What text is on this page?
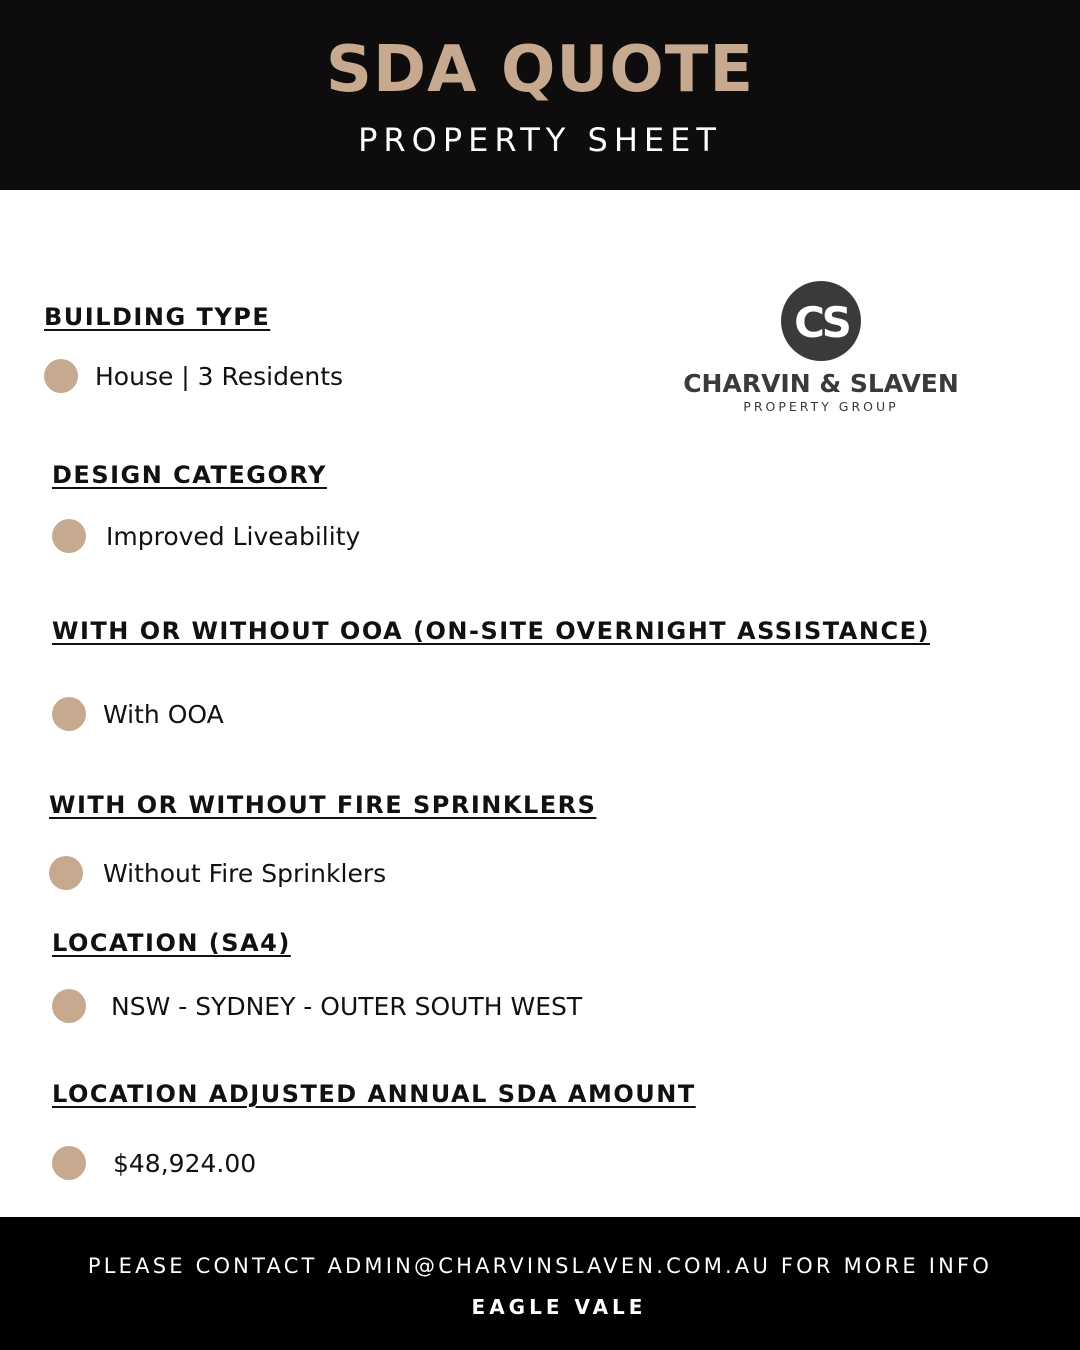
SDA QUOTE
PROPERTY SHEET
BUILDING TYPE
House | 3 Residents
CS
CHARVIN & SLAVEN
PROPERTY GROUP
DESIGN CATEGORY
Improved Liveability
WITH OR WITHOUT OOA (ON-SITE OVERNIGHT ASSISTANCE)
With OOA
WITH OR WITHOUT FIRE SPRINKLERS
Without Fire Sprinklers
LOCATION (SA4)
NSW - SYDNEY - OUTER SOUTH WEST
LOCATION ADJUSTED ANNUAL SDA AMOUNT
$48,924.00
PLEASE CONTACT ADMIN@CHARVINSLAVEN.COM.AU FOR MORE INFO
EAGLE VALE
